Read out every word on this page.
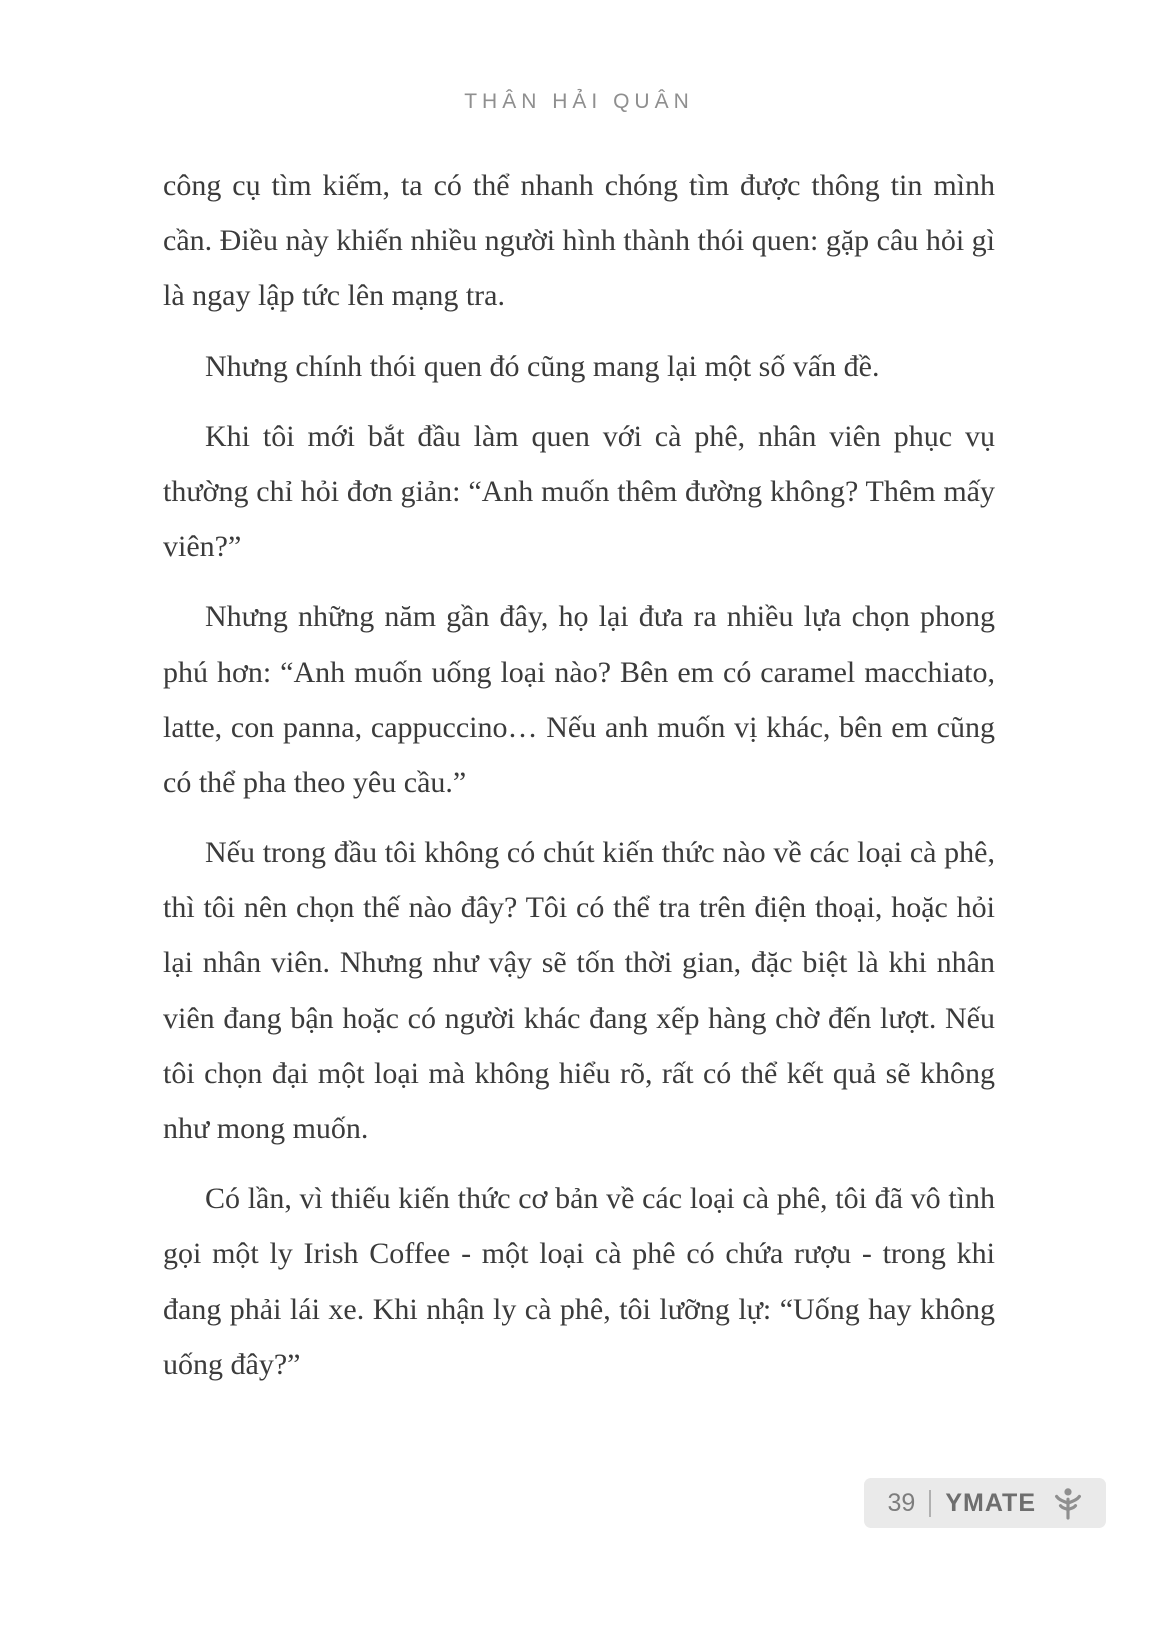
THÂN HẢI QUÂN

công cụ tìm kiếm, ta có thể nhanh chóng tìm được thông tin mình cần. Điều này khiến nhiều người hình thành thói quen: gặp câu hỏi gì là ngay lập tức lên mạng tra.

Nhưng chính thói quen đó cũng mang lại một số vấn đề.

Khi tôi mới bắt đầu làm quen với cà phê, nhân viên phục vụ thường chỉ hỏi đơn giản: “Anh muốn thêm đường không? Thêm mấy viên?”

Nhưng những năm gần đây, họ lại đưa ra nhiều lựa chọn phong phú hơn: “Anh muốn uống loại nào? Bên em có caramel macchiato, latte, con panna, cappuccino… Nếu anh muốn vị khác, bên em cũng có thể pha theo yêu cầu.”

Nếu trong đầu tôi không có chút kiến thức nào về các loại cà phê, thì tôi nên chọn thế nào đây? Tôi có thể tra trên điện thoại, hoặc hỏi lại nhân viên. Nhưng như vậy sẽ tốn thời gian, đặc biệt là khi nhân viên đang bận hoặc có người khác đang xếp hàng chờ đến lượt. Nếu tôi chọn đại một loại mà không hiểu rõ, rất có thể kết quả sẽ không như mong muốn.

Có lần, vì thiếu kiến thức cơ bản về các loại cà phê, tôi đã vô tình gọi một ly Irish Coffee - một loại cà phê có chứa rượu - trong khi đang phải lái xe. Khi nhận ly cà phê, tôi lưỡng lự: “Uống hay không uống đây?”

39 YMATE
